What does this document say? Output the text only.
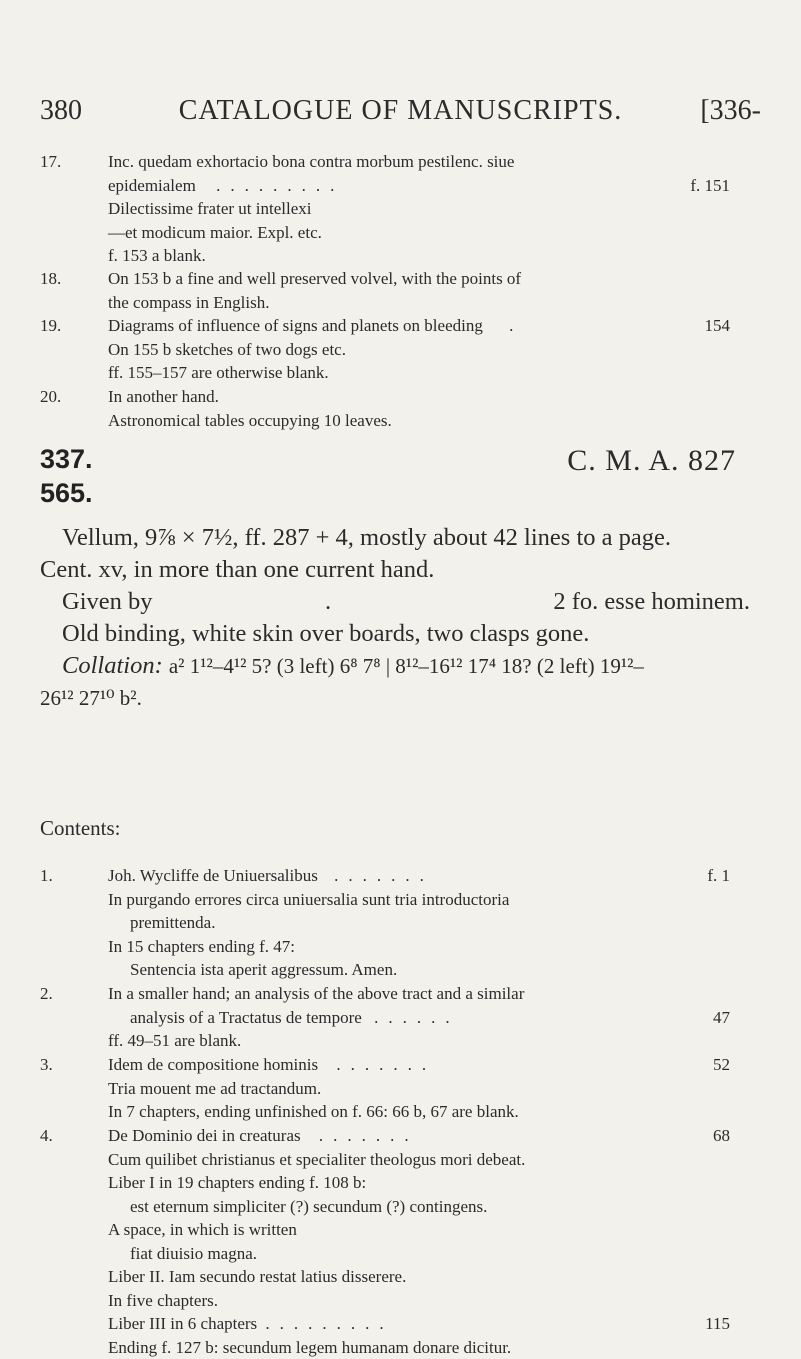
380	CATALOGUE OF MANUSCRIPTS.	[336-
17.	Inc. quedam exhortacio bona contra morbum pestilenc. siue
epidemialem .........	f. 151
Dilectissime frater ut intellexi
—et modicum maior. Expl. etc.
f. 153 a blank.
18.	On 153 b a fine and well preserved volvel, with the points of
the compass in English.
19.	Diagrams of influence of signs and planets on bleeding .	154
On 155 b sketches of two dogs etc.
ff. 155–157 are otherwise blank.
20.	In another hand.
Astronomical tables occupying 10 leaves.
337.
565.
C. M. A. 827
Vellum, 9⅞ × 7½, ff. 287 + 4, mostly about 42 lines to a page.
Cent. xv, in more than one current hand.
Given by	.	2 fo. esse hominem.
Old binding, white skin over boards, two clasps gone.
Collation: a² 1¹²–4¹² 5? (3 left) 6⁸ 7⁸ | 8¹²–16¹² 17⁴ 18? (2 left) 19¹²–
26¹² 27¹⁰ b².
Contents:
1.	Joh. Wycliffe de Uniuersalibus .......	f. 1
In purgando errores circa uniuersalia sunt tria introductoria
premittenda.
In 15 chapters ending f. 47:
Sentencia ista aperit aggressum. Amen.
2.	In a smaller hand; an analysis of the above tract and a similar
analysis of a Tractatus de tempore ......	47
ff. 49–51 are blank.
3.	Idem de compositione hominis .......	52
Tria mouent me ad tractandum.
In 7 chapters, ending unfinished on f. 66: 66 b, 67 are blank.
4.	De Dominio dei in creaturas .......	68
Cum quilibet christianus et specialiter theologus mori debeat.
Liber I in 19 chapters ending f. 108 b:
est eternum simpliciter (?) secundum (?) contingens.
A space, in which is written
fiat diuisio magna.
Liber II. Iam secundo restat latius disserere.
In five chapters.
Liber III in 6 chapters .........	115
Ending f. 127 b: secundum legem humanam donare dicitur.
